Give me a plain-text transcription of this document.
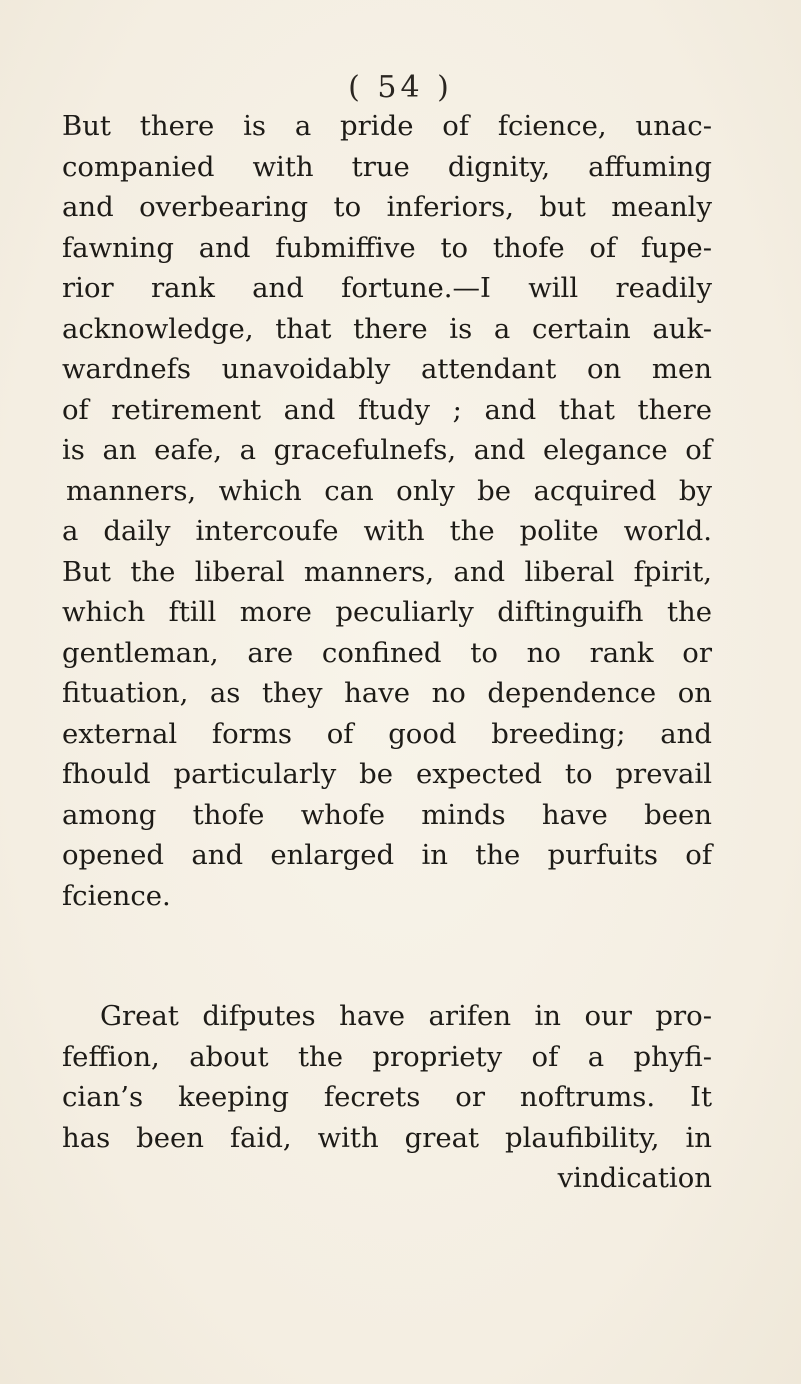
( 54 )
But there is a pride of fcience, unac-
companied with true dignity, affuming
and overbearing to inferiors, but meanly
fawning and fubmiffive to thofe of fupe-
rior rank and fortune.—I will readily
acknowledge, that there is a certain auk-
wardnefs unavoidably attendant on men
of retirement and ftudy ; and that there
is an eafe, a gracefulnefs, and elegance of
manners, which can only be acquired by
a daily intercoufe with the polite world.
But the liberal manners, and liberal fpirit,
which ftill more peculiarly diftinguifh the
gentleman, are confined to no rank or
fituation, as they have no dependence on
external forms of good breeding; and
fhould particularly be expected to prevail
among thofe whofe minds have been
opened and enlarged in the purfuits of
fcience.
Great difputes have arifen in our pro-
feffion, about the propriety of a phyfi-
cian’s keeping fecrets or noftrums. It
has been faid, with great plaufibility, in
vindication
